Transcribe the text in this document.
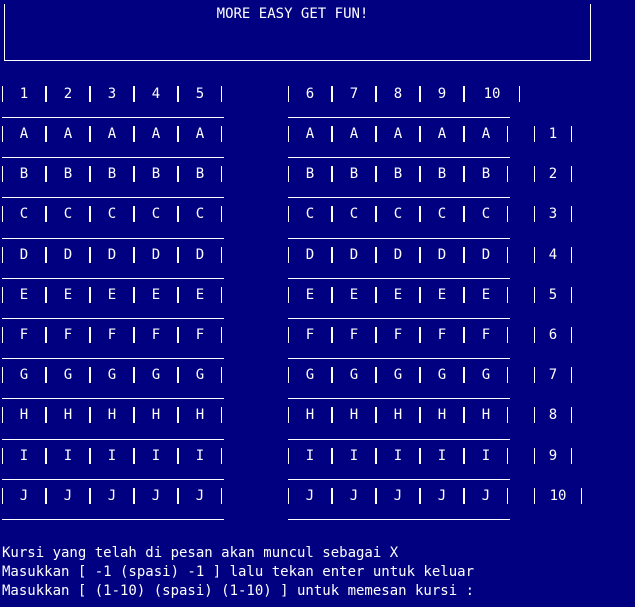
MORE EASY GET FUN!
1	2	3	4	5	6	7	8	9	10
A	A	A	A	A	A	A	A	A	A	1
B	B	B	B	B	B	B	B	B	B	2
C	C	C	C	C	C	C	C	C	C	3
D	D	D	D	D	D	D	D	D	D	4
E	E	E	E	E	E	E	E	E	E	5
F	F	F	F	F	F	F	F	F	F	6
G	G	G	G	G	G	G	G	G	G	7
H	H	H	H	H	H	H	H	H	H	8
I	I	I	I	I	I	I	I	I	I	9
J	J	J	J	J	J	J	J	J	J	10
Kursi yang telah di pesan akan muncul sebagai X
Masukkan [ -1 (spasi) -1 ] lalu tekan enter untuk keluar
Masukkan [ (1-10) (spasi) (1-10) ] untuk memesan kursi :
